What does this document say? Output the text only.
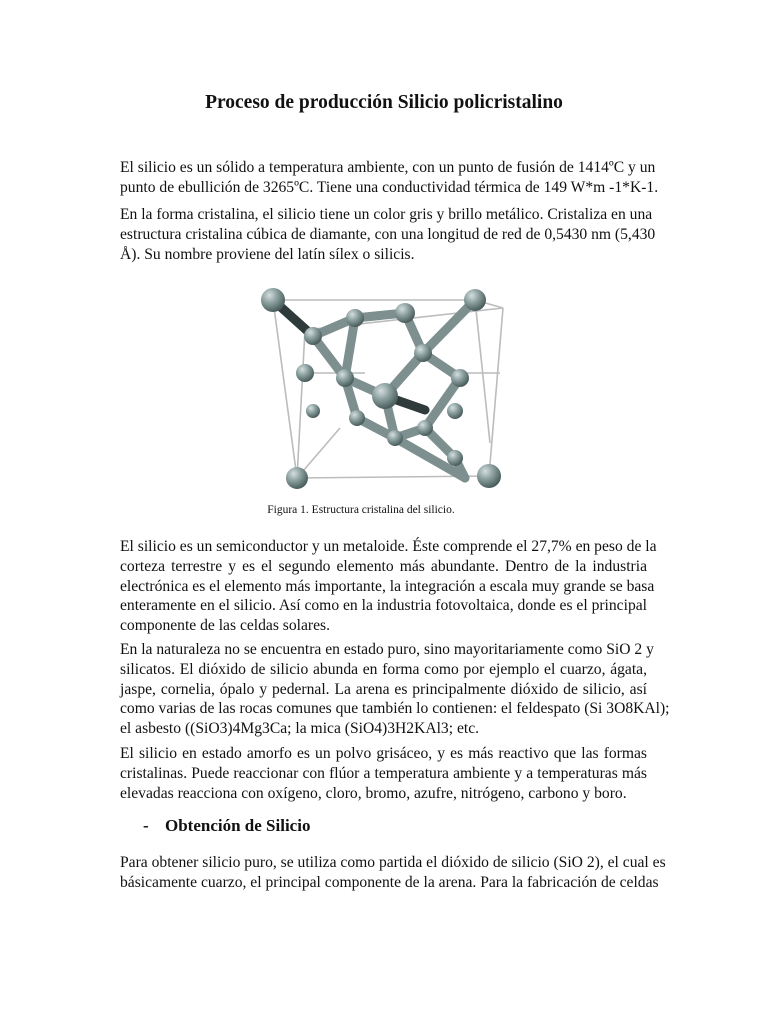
Proceso de producción Silicio policristalino

El silicio es un sólido a temperatura ambiente, con un punto de fusión de 1414ºC y un
punto de ebullición de 3265ºC. Tiene una conductividad térmica de 149 W*m -1*K-1.

En la forma cristalina, el silicio tiene un color gris y brillo metálico. Cristaliza en una
estructura cristalina cúbica de diamante, con una longitud de red de 0,5430 nm (5,430
Å). Su nombre proviene del latín sílex o silicis.

Figura 1. Estructura cristalina del silicio.

El silicio es un semiconductor y un metaloide. Éste comprende el 27,7% en peso de la
corteza terrestre y es el segundo elemento más abundante. Dentro de la industria
electrónica es el elemento más importante, la integración a escala muy grande se basa
enteramente en el silicio. Así como en la industria fotovoltaica, donde es el principal
componente de las celdas solares.

En la naturaleza no se encuentra en estado puro, sino mayoritariamente como SiO 2 y
silicatos. El dióxido de silicio abunda en forma como por ejemplo el cuarzo, ágata,
jaspe, cornelia, ópalo y pedernal. La arena es principalmente dióxido de silicio, así
como varias de las rocas comunes que también lo contienen: el feldespato (Si 3O8KAl);
el asbesto ((SiO3)4Mg3Ca; la mica (SiO4)3H2KAl3; etc.

El silicio en estado amorfo es un polvo grisáceo, y es más reactivo que las formas
cristalinas. Puede reaccionar con flúor a temperatura ambiente y a temperaturas más
elevadas reacciona con oxígeno, cloro, bromo, azufre, nitrógeno, carbono y boro.

- Obtención de Silicio

Para obtener silicio puro, se utiliza como partida el dióxido de silicio (SiO 2), el cual es
básicamente cuarzo, el principal componente de la arena. Para la fabricación de celdas
